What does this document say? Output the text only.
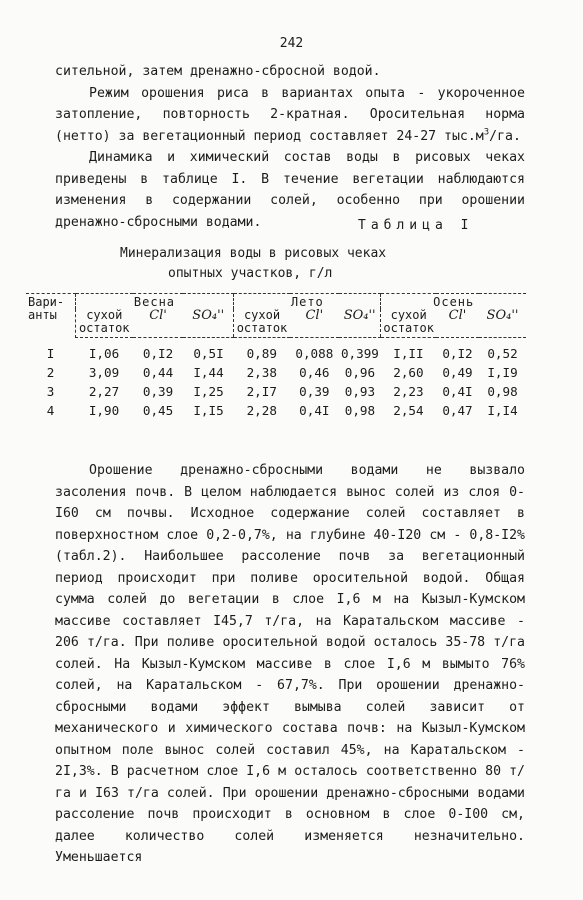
242

сительной, затем дренажно-сбросной водой.

Режим орошения риса в вариантах опыта - укороченное затопление, повторность 2-кратная. Оросительная норма (нетто) за вегетационный период составляет 24-27 $тыс.м^3/га$.

Динамика и химический состав воды в рисовых чеках приведены в таблице I. В течение вегетации наблюдаются изменения в содержании солей, особенно при орошении дренажно-сбросными водами.	Таблица I
Минерализация воды в рисовых чеках
опытных участков, г/л
Вари-анты	Весна			Лето			Осень		
	сухой остаток	Cl'	SO₄''	сухой остаток	Cl'	SO₄''	сухой остаток	Cl'	SO₄''
I	I,06	0,I2	0,5I	0,89	0,088	0,399	I,II	0,I2	0,52
2	3,09	0,44	I,44	2,38	0,46	0,96	2,60	0,49	I,I9
3	2,27	0,39	I,25	2,I7	0,39	0,93	2,23	0,4I	0,98
4	I,90	0,45	I,I5	2,28	0,4I	0,98	2,54	0,47	I,I4

Орошение дренажно-сбросными водами не вызвало засоления почв. В целом наблюдается вынос солей из слоя 0-I60 см почвы. Исходное содержание солей составляет в поверхностном слое 0,2-0,7%, на глубине 40-I20 см - 0,8-I2% (табл.2). Наибольшее рассоление почв за вегетационный период происходит при поливе оросительной водой. Общая сумма солей до вегетации в слое I,6 м на Кызыл-Кумском массиве составляет I45,7 т/га, на Каратальском массиве - 206 т/га. При поливе оросительной водой осталось 35-78 т/га солей. На Кызыл-Кумском массиве в слое I,6 м вымыто 76% солей, на Каратальском - 67,7%. При орошении дренажно-сбросными водами эффект вымыва солей зависит от механического и химического состава почв: на Кызыл-Кумском опытном поле вынос солей составил 45%, на Каратальском - 2I,3%. В расчетном слое I,6 м осталось соответственно 80 т/га и I63 т/га солей. При орошении дренажно-сбросными водами рассоление почв происходит в основном в слое 0-I00 см, далее количество солей изменяется незначительно. Уменьшается
